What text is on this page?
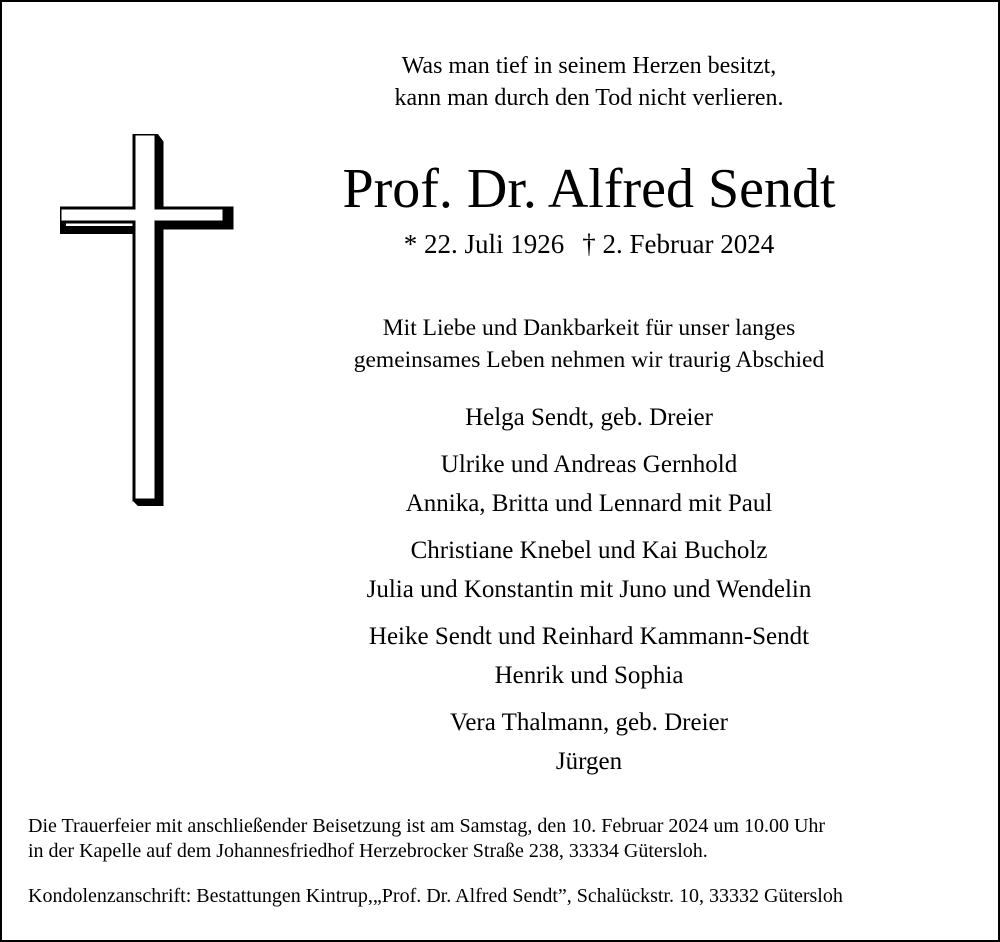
Was man tief in seinem Herzen besitzt,
kann man durch den Tod nicht verlieren.
Prof. Dr. Alfred Sendt
* 22. Juli 1926 † 2. Februar 2024
Mit Liebe und Dankbarkeit für unser langes
gemeinsames Leben nehmen wir traurig Abschied
Helga Sendt, geb. Dreier
Ulrike und Andreas Gernhold
Annika, Britta und Lennard mit Paul
Christiane Knebel und Kai Bucholz
Julia und Konstantin mit Juno und Wendelin
Heike Sendt und Reinhard Kammann-Sendt
Henrik und Sophia
Vera Thalmann, geb. Dreier
Jürgen
Die Trauerfeier mit anschließender Beisetzung ist am Samstag, den 10. Februar 2024 um 10.00 Uhr
in der Kapelle auf dem Johannesfriedhof Herzebrocker Straße 238, 33334 Gütersloh.
Kondolenzanschrift: Bestattungen Kintrup,„Prof. Dr. Alfred Sendt”, Schalückstr. 10, 33332 Gütersloh
